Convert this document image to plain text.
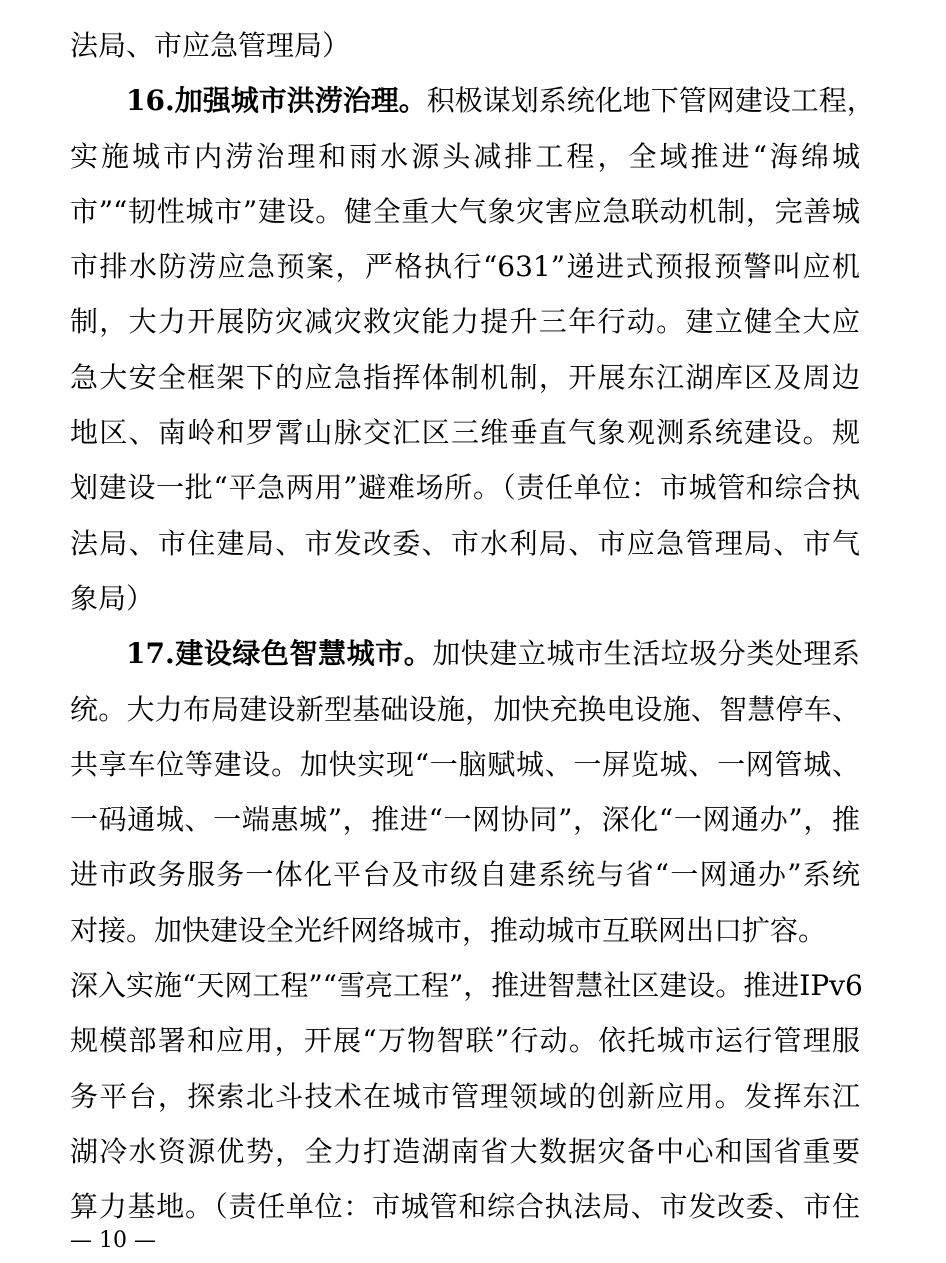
法局、市应急管理局）
16.加强城市洪涝治理。积极谋划系统化地下管网建设工程，
实施城市内涝治理和雨水源头减排工程，全域推进“海绵城
市”“韧性城市”建设。健全重大气象灾害应急联动机制，完善城
市排水防涝应急预案，严格执行“631”递进式预报预警叫应机
制，大力开展防灾减灾救灾能力提升三年行动。建立健全大应
急大安全框架下的应急指挥体制机制，开展东江湖库区及周边
地区、南岭和罗霄山脉交汇区三维垂直气象观测系统建设。规
划建设一批“平急两用”避难场所。（责任单位：市城管和综合执
法局、市住建局、市发改委、市水利局、市应急管理局、市气
象局）
17.建设绿色智慧城市。加快建立城市生活垃圾分类处理系
统。大力布局建设新型基础设施，加快充换电设施、智慧停车、
共享车位等建设。加快实现“一脑赋城、一屏览城、一网管城、
一码通城、一端惠城”，推进“一网协同”，深化“一网通办”，推
进市政务服务一体化平台及市级自建系统与省“一网通办”系统
对接。加快建设全光纤网络城市，推动城市互联网出口扩容。
深入实施“天网工程”“雪亮工程”，推进智慧社区建设。推进IPv6
规模部署和应用，开展“万物智联”行动。依托城市运行管理服
务平台，探索北斗技术在城市管理领域的创新应用。发挥东江
湖冷水资源优势，全力打造湖南省大数据灾备中心和国省重要
算力基地。（责任单位：市城管和综合执法局、市发改委、市住
— 10 —
